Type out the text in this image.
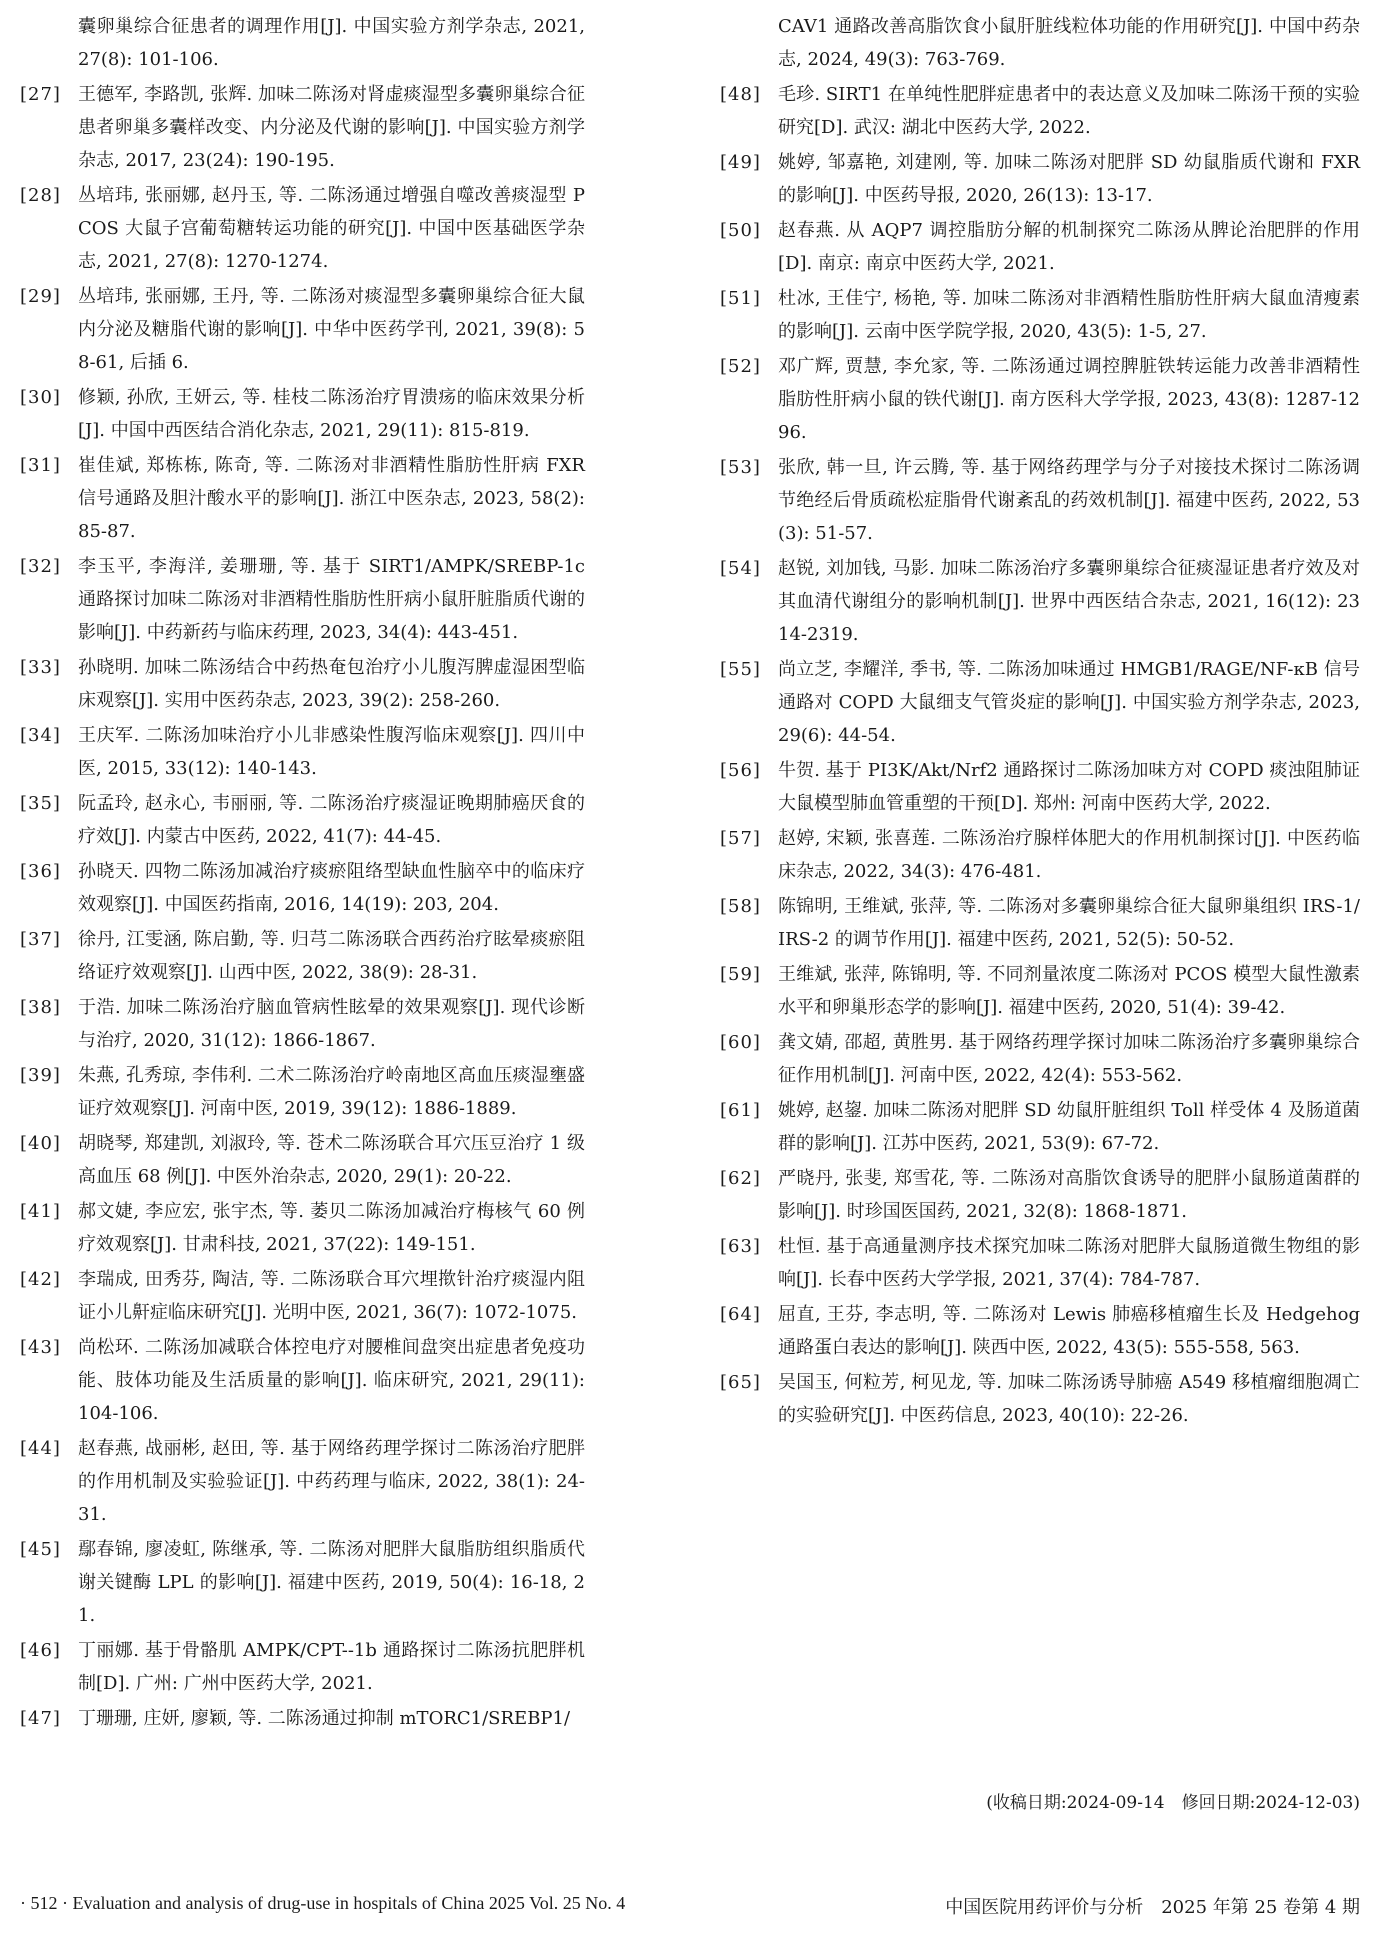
囊卵巢综合征患者的调理作用[J]. 中国实验方剂学杂志, 2021, 27(8): 101-106.
[27] 王德军, 李路凯, 张辉. 加味二陈汤对肾虚痰湿型多囊卵巢综合征患者卵巢多囊样改变、内分泌及代谢的影响[J]. 中国实验方剂学杂志, 2017, 23(24): 190-195.
[28] 丛培玮, 张丽娜, 赵丹玉, 等. 二陈汤通过增强自噬改善痰湿型 PCOS 大鼠子宫葡萄糖转运功能的研究[J]. 中国中医基础医学杂志, 2021, 27(8): 1270-1274.
[29] 丛培玮, 张丽娜, 王丹, 等. 二陈汤对痰湿型多囊卵巢综合征大鼠内分泌及糖脂代谢的影响[J]. 中华中医药学刊, 2021, 39(8): 58-61, 后插 6.
[30] 修颖, 孙欣, 王妍云, 等. 桂枝二陈汤治疗胃溃疡的临床效果分析[J]. 中国中西医结合消化杂志, 2021, 29(11): 815-819.
[31] 崔佳斌, 郑栋栋, 陈奇, 等. 二陈汤对非酒精性脂肪性肝病 FXR 信号通路及胆汁酸水平的影响[J]. 浙江中医杂志, 2023, 58(2): 85-87.
[32] 李玉平, 李海洋, 姜珊珊, 等. 基于 SIRT1/AMPK/SREBP-1c 通路探讨加味二陈汤对非酒精性脂肪性肝病小鼠肝脏脂质代谢的影响[J]. 中药新药与临床药理, 2023, 34(4): 443-451.
[33] 孙晓明. 加味二陈汤结合中药热奄包治疗小儿腹泻脾虚湿困型临床观察[J]. 实用中医药杂志, 2023, 39(2): 258-260.
[34] 王庆军. 二陈汤加味治疗小儿非感染性腹泻临床观察[J]. 四川中医, 2015, 33(12): 140-143.
[35] 阮孟玲, 赵永心, 韦丽丽, 等. 二陈汤治疗痰湿证晚期肺癌厌食的疗效[J]. 内蒙古中医药, 2022, 41(7): 44-45.
[36] 孙晓天. 四物二陈汤加减治疗痰瘀阻络型缺血性脑卒中的临床疗效观察[J]. 中国医药指南, 2016, 14(19): 203, 204.
[37] 徐丹, 江雯涵, 陈启勤, 等. 归芎二陈汤联合西药治疗眩晕痰瘀阻络证疗效观察[J]. 山西中医, 2022, 38(9): 28-31.
[38] 于浩. 加味二陈汤治疗脑血管病性眩晕的效果观察[J]. 现代诊断与治疗, 2020, 31(12): 1866-1867.
[39] 朱燕, 孔秀琼, 李伟利. 二术二陈汤治疗岭南地区高血压痰湿壅盛证疗效观察[J]. 河南中医, 2019, 39(12): 1886-1889.
[40] 胡晓琴, 郑建凯, 刘淑玲, 等. 苍术二陈汤联合耳穴压豆治疗 1 级高血压 68 例[J]. 中医外治杂志, 2020, 29(1): 20-22.
[41] 郝文婕, 李应宏, 张宇杰, 等. 萎贝二陈汤加减治疗梅核气 60 例疗效观察[J]. 甘肃科技, 2021, 37(22): 149-151.
[42] 李瑞成, 田秀芬, 陶洁, 等. 二陈汤联合耳穴埋揿针治疗痰湿内阻证小儿鼾症临床研究[J]. 光明中医, 2021, 36(7): 1072-1075.
[43] 尚松环. 二陈汤加减联合体控电疗对腰椎间盘突出症患者免疫功能、肢体功能及生活质量的影响[J]. 临床研究, 2021, 29(11): 104-106.
[44] 赵春燕, 战丽彬, 赵田, 等. 基于网络药理学探讨二陈汤治疗肥胖的作用机制及实验验证[J]. 中药药理与临床, 2022, 38(1): 24-31.
[45] 鄢春锦, 廖凌虹, 陈继承, 等. 二陈汤对肥胖大鼠脂肪组织脂质代谢关键酶 LPL 的影响[J]. 福建中医药, 2019, 50(4): 16-18, 21.
[46] 丁丽娜. 基于骨骼肌 AMPK/CPT--1b 通路探讨二陈汤抗肥胖机制[D]. 广州: 广州中医药大学, 2021.
[47] 丁珊珊, 庄妍, 廖颖, 等. 二陈汤通过抑制 mTORC1/SREBP1/
CAV1 通路改善高脂饮食小鼠肝脏线粒体功能的作用研究[J]. 中国中药杂志, 2024, 49(3): 763-769.
[48] 毛珍. SIRT1 在单纯性肥胖症患者中的表达意义及加味二陈汤干预的实验研究[D]. 武汉: 湖北中医药大学, 2022.
[49] 姚婷, 邹嘉艳, 刘建刚, 等. 加味二陈汤对肥胖 SD 幼鼠脂质代谢和 FXR 的影响[J]. 中医药导报, 2020, 26(13): 13-17.
[50] 赵春燕. 从 AQP7 调控脂肪分解的机制探究二陈汤从脾论治肥胖的作用[D]. 南京: 南京中医药大学, 2021.
[51] 杜冰, 王佳宁, 杨艳, 等. 加味二陈汤对非酒精性脂肪性肝病大鼠血清瘦素的影响[J]. 云南中医学院学报, 2020, 43(5): 1-5, 27.
[52] 邓广辉, 贾慧, 李允家, 等. 二陈汤通过调控脾脏铁转运能力改善非酒精性脂肪性肝病小鼠的铁代谢[J]. 南方医科大学学报, 2023, 43(8): 1287-1296.
[53] 张欣, 韩一旦, 许云腾, 等. 基于网络药理学与分子对接技术探讨二陈汤调节绝经后骨质疏松症脂骨代谢紊乱的药效机制[J]. 福建中医药, 2022, 53(3): 51-57.
[54] 赵锐, 刘加钱, 马影. 加味二陈汤治疗多囊卵巢综合征痰湿证患者疗效及对其血清代谢组分的影响机制[J]. 世界中西医结合杂志, 2021, 16(12): 2314-2319.
[55] 尚立芝, 李耀洋, 季书, 等. 二陈汤加味通过 HMGB1/RAGE/NF-κB 信号通路对 COPD 大鼠细支气管炎症的影响[J]. 中国实验方剂学杂志, 2023, 29(6): 44-54.
[56] 牛贺. 基于 PI3K/Akt/Nrf2 通路探讨二陈汤加味方对 COPD 痰浊阻肺证大鼠模型肺血管重塑的干预[D]. 郑州: 河南中医药大学, 2022.
[57] 赵婷, 宋颖, 张喜莲. 二陈汤治疗腺样体肥大的作用机制探讨[J]. 中医药临床杂志, 2022, 34(3): 476-481.
[58] 陈锦明, 王维斌, 张萍, 等. 二陈汤对多囊卵巢综合征大鼠卵巢组织 IRS-1/IRS-2 的调节作用[J]. 福建中医药, 2021, 52(5): 50-52.
[59] 王维斌, 张萍, 陈锦明, 等. 不同剂量浓度二陈汤对 PCOS 模型大鼠性激素水平和卵巢形态学的影响[J]. 福建中医药, 2020, 51(4): 39-42.
[60] 龚文婧, 邵超, 黄胜男. 基于网络药理学探讨加味二陈汤治疗多囊卵巢综合征作用机制[J]. 河南中医, 2022, 42(4): 553-562.
[61] 姚婷, 赵鋆. 加味二陈汤对肥胖 SD 幼鼠肝脏组织 Toll 样受体 4 及肠道菌群的影响[J]. 江苏中医药, 2021, 53(9): 67-72.
[62] 严晓丹, 张斐, 郑雪花, 等. 二陈汤对高脂饮食诱导的肥胖小鼠肠道菌群的影响[J]. 时珍国医国药, 2021, 32(8): 1868-1871.
[63] 杜恒. 基于高通量测序技术探究加味二陈汤对肥胖大鼠肠道微生物组的影响[J]. 长春中医药大学学报, 2021, 37(4): 784-787.
[64] 屈直, 王芬, 李志明, 等. 二陈汤对 Lewis 肺癌移植瘤生长及 Hedgehog 通路蛋白表达的影响[J]. 陕西中医, 2022, 43(5): 555-558, 563.
[65] 吴国玉, 何粒芳, 柯见龙, 等. 加味二陈汤诱导肺癌 A549 移植瘤细胞凋亡的实验研究[J]. 中医药信息, 2023, 40(10): 22-26.
(收稿日期:2024-09-14　修回日期:2024-12-03)
· 512 · Evaluation and analysis of drug-use in hospitals of China 2025 Vol. 25 No. 4	中国医院用药评价与分析　2025 年第 25 卷第 4 期
